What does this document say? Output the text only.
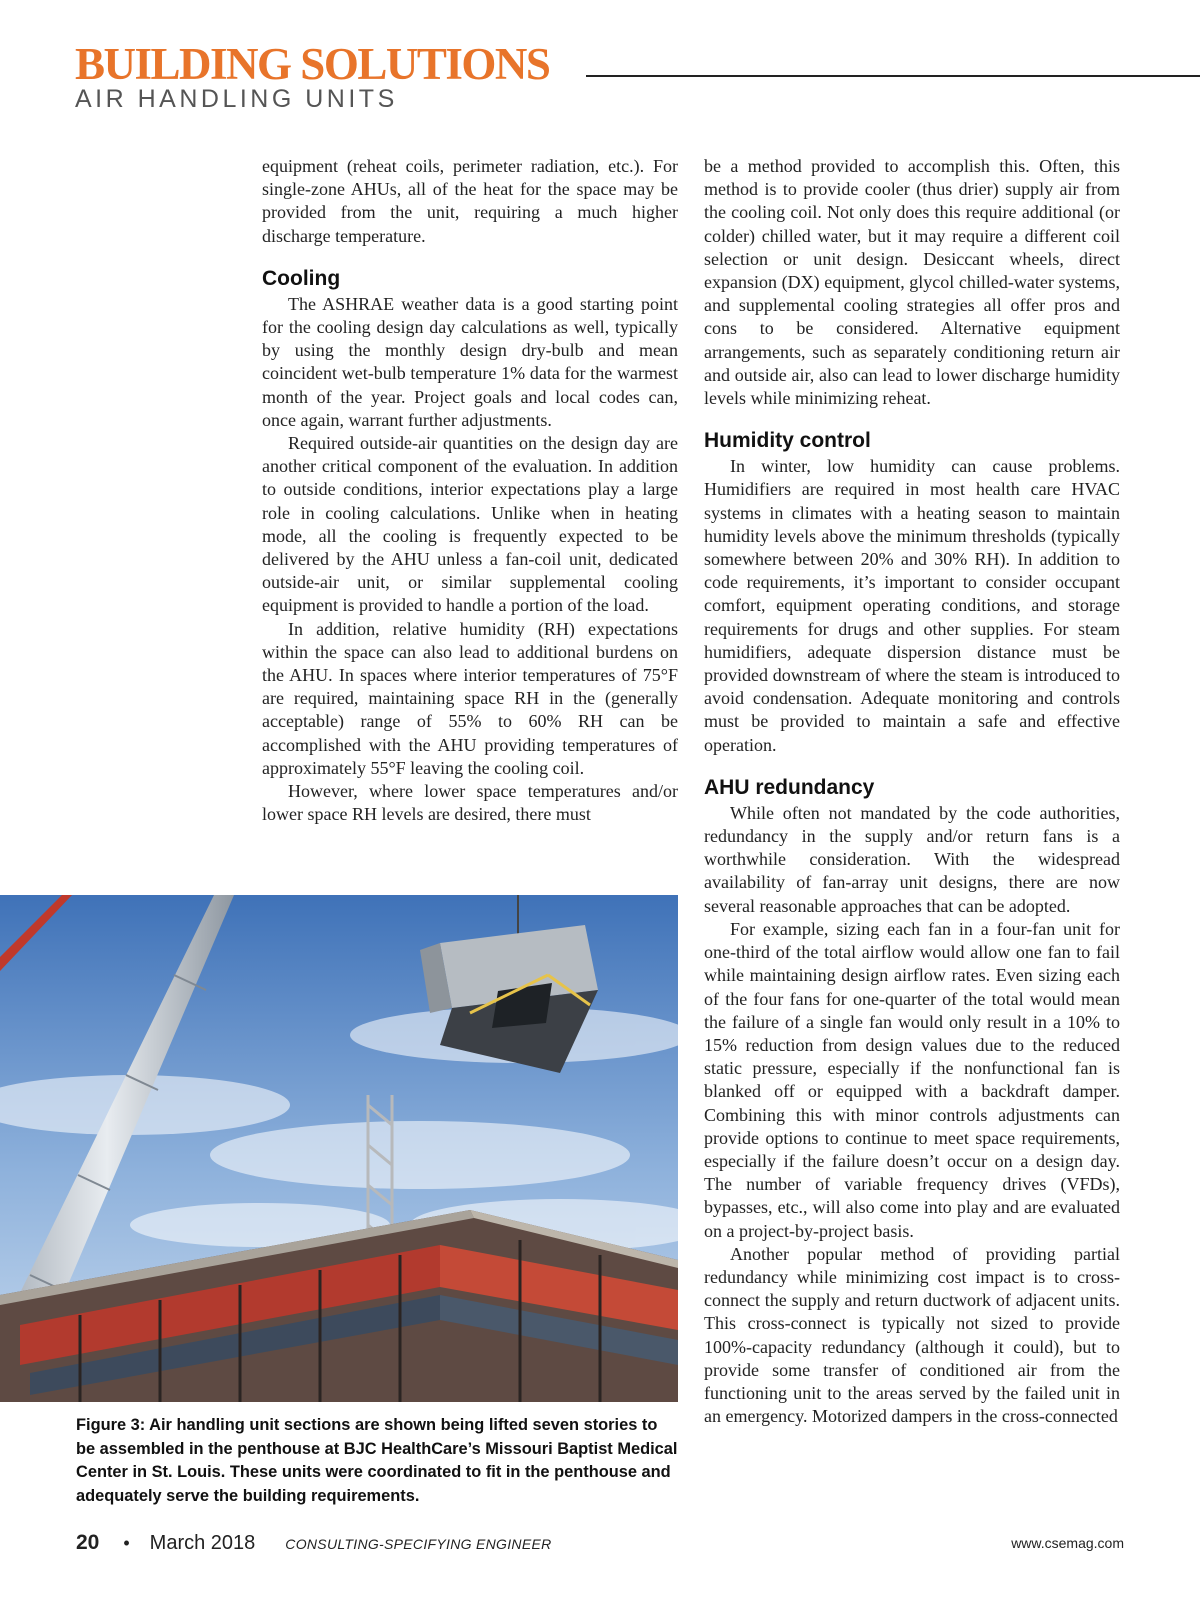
BUILDING SOLUTIONS
AIR HANDLING UNITS

equipment (reheat coils, perimeter radiation, etc.). For single-zone AHUs, all of the heat for the space may be provided from the unit, requiring a much higher discharge temperature.

Cooling

The ASHRAE weather data is a good starting point for the cooling design day calculations as well, typically by using the monthly design dry-bulb and mean coincident wet-bulb temperature 1% data for the warmest month of the year. Project goals and local codes can, once again, warrant further adjustments.

Required outside-air quantities on the design day are another critical component of the evaluation. In addition to outside conditions, interior expectations play a large role in cooling calculations. Unlike when in heating mode, all the cooling is frequently expected to be delivered by the AHU unless a fan-coil unit, dedicated outside-air unit, or similar supplemental cooling equipment is provided to handle a portion of the load.

In addition, relative humidity (RH) expectations within the space can also lead to additional burdens on the AHU. In spaces where interior temperatures of 75°F are required, maintaining space RH in the (generally acceptable) range of 55% to 60% RH can be accomplished with the AHU providing temperatures of approximately 55°F leaving the cooling coil.

However, where lower space temperatures and/or lower space RH levels are desired, there must

be a method provided to accomplish this. Often, this method is to provide cooler (thus drier) supply air from the cooling coil. Not only does this require additional (or colder) chilled water, but it may require a different coil selection or unit design. Desiccant wheels, direct expansion (DX) equipment, glycol chilled-water systems, and supplemental cooling strategies all offer pros and cons to be considered. Alternative equipment arrangements, such as separately conditioning return air and outside air, also can lead to lower discharge humidity levels while minimizing reheat.

Humidity control

In winter, low humidity can cause problems. Humidifiers are required in most health care HVAC systems in climates with a heating season to maintain humidity levels above the minimum thresholds (typically somewhere between 20% and 30% RH). In addition to code requirements, it’s important to consider occupant comfort, equipment operating conditions, and storage requirements for drugs and other supplies. For steam humidifiers, adequate dispersion distance must be provided downstream of where the steam is introduced to avoid condensation. Adequate monitoring and controls must be provided to maintain a safe and effective operation.

AHU redundancy

While often not mandated by the code authorities, redundancy in the supply and/or return fans is a worthwhile consideration. With the widespread availability of fan-array unit designs, there are now several reasonable approaches that can be adopted.

For example, sizing each fan in a four-fan unit for one-third of the total airflow would allow one fan to fail while maintaining design airflow rates. Even sizing each of the four fans for one-quarter of the total would mean the failure of a single fan would only result in a 10% to 15% reduction from design values due to the reduced static pressure, especially if the nonfunctional fan is blanked off or equipped with a backdraft damper. Combining this with minor controls adjustments can provide options to continue to meet space requirements, especially if the failure doesn’t occur on a design day. The number of variable frequency drives (VFDs), bypasses, etc., will also come into play and are evaluated on a project-by-project basis.

Another popular method of providing partial redundancy while minimizing cost impact is to cross-connect the supply and return ductwork of adjacent units. This cross-connect is typically not sized to provide 100%-capacity redundancy (although it could), but to provide some transfer of conditioned air from the functioning unit to the areas served by the failed unit in an emergency. Motorized dampers in the cross-connected

Figure 3: Air handling unit sections are shown being lifted seven stories to be assembled in the penthouse at BJC HealthCare’s Missouri Baptist Medical Center in St. Louis. These units were coordinated to fit in the penthouse and adequately serve the building requirements.

20 • March 2018 CONSULTING-SPECIFYING ENGINEER	www.csemag.com
